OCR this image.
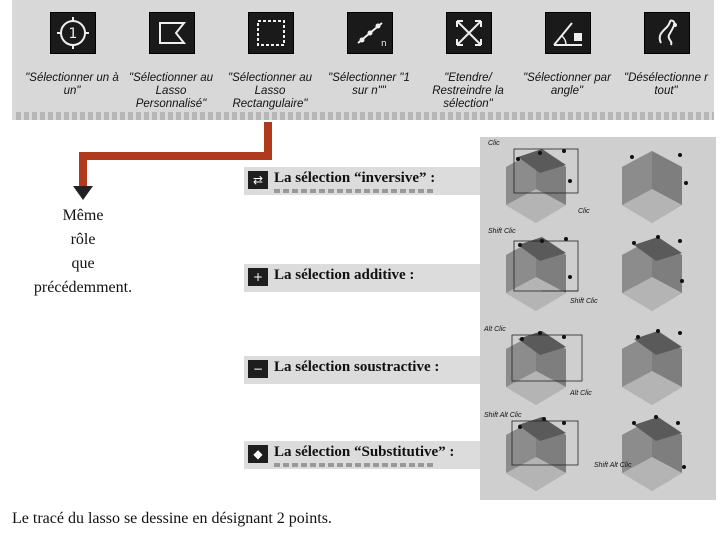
1
"Sélectionner un à un"
"Sélectionner au Lasso Personnalisé"
"Sélectionner au Lasso Rectangulaire"
n
"Sélectionner "1 sur n""
"Etendre/ Restreindre la sélection"
"Sélectionner par angle"
"Désélectionne r tout"
Même
rôle
que
précédemment.
⇄ La sélection “inversive” :
+ La sélection additive :
− La sélection soustractive :
◆ La sélection “Substitutive” :
Clic
Clic
Shift Clic
Shift Clic
Alt Clic
Alt Clic
Shift Alt Clic
Shift Alt Clic
Le tracé du lasso se dessine en désignant 2 points.
